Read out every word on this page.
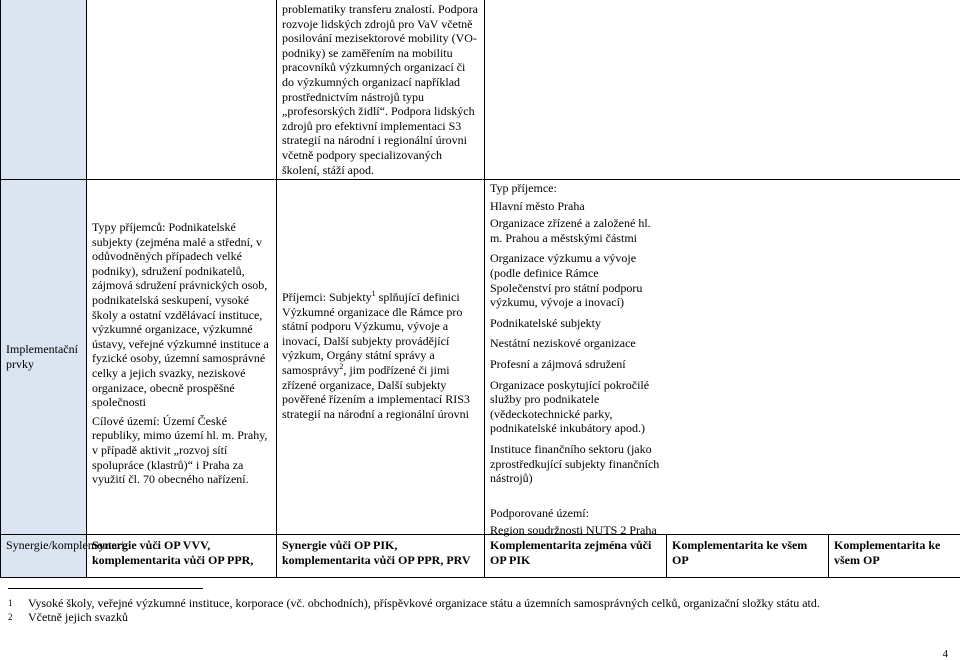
problematiky transferu znalostí. Podpora rozvoje lidských zdrojů pro VaV včetně posilování mezisektorové mobility (VO-podniky) se zaměřením na mobilitu pracovníků výzkumných organizací či do výzkumných organizací například prostřednictvím nástrojů typu „profesorských židlí“. Podpora lidských zdrojů pro efektivní implementaci S3 strategií na národní i regionální úrovni včetně podpory specializovaných školení, stáží apod.

Implementační prvky

Typy příjemců: Podnikatelské subjekty (zejména malé a střední, v odůvodněných případech velké podniky), sdružení podnikatelů, zájmová sdružení právnických osob, podnikatelská seskupení, vysoké školy a ostatní vzdělávací instituce, výzkumné organizace, výzkumné ústavy, veřejné výzkumné instituce a fyzické osoby, územní samosprávné celky a jejich svazky, neziskové organizace, obecně prospěšné společnosti

Cílové území: Území České republiky, mimo území hl. m. Prahy, v případě aktivit „rozvoj sítí spolupráce (klastrů)“ i Praha za využití čl. 70 obecného nařízení.

Příjemci: Subjekty$^1$ splňující definici Výzkumné organizace dle Rámce pro státní podporu Výzkumu, vývoje a inovací, Další subjekty provádějící výzkum, Orgány státní správy a samosprávy$^2$, jim podřízené či jimi zřízené organizace, Další subjekty pověřené řízením a implementací RIS3 strategií na národní a regionální úrovni

Typ příjemce:

Hlavní město Praha

Organizace zřízené a založené hl. m. Prahou a městskými částmi

Organizace výzkumu a vývoje (podle definice Rámce Společenství pro státní podporu výzkumu, vývoje a inovací)

Podnikatelské subjekty

Nestátní neziskové organizace

Profesní a zájmová sdružení

Organizace poskytující pokročilé služby pro podnikatele (vědeckotechnické parky, podnikatelské inkubátory apod.)

Instituce finančního sektoru (jako zprostředkující subjekty finančních nástrojů)

Podporované území:

Region soudržnosti NUTS 2 Praha

Synergie/komplementari
Synergie vůči OP VVV, komplementarita vůči OP PPR,
Synergie vůči OP PIK, komplementarita vůči OP PPR, PRV
Komplementarita zejména vůči OP PIK
Komplementarita ke všem OP
Komplementarita ke všem OP
1 Vysoké školy, veřejné výzkumné instituce, korporace (vč. obchodních), příspěvkové organizace státu a územních samosprávných celků, organizační složky státu atd.
2 Včetně jejich svazků
4
